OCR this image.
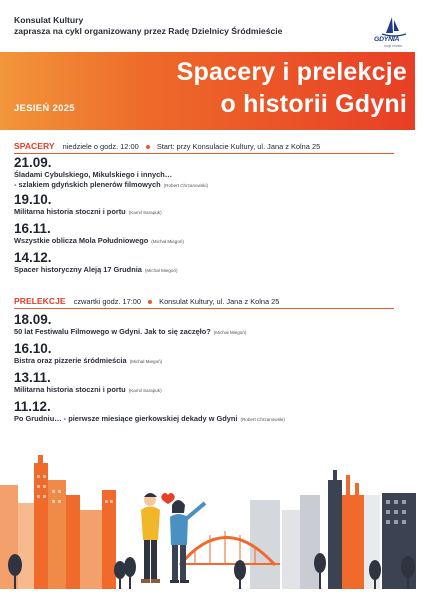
Konsulat Kultury
zaprasza na cykl organizowany przez Radę Dzielnicy Śródmieście
GDYNIA
moje miasto
Spacery i prelekcje
o historii Gdyni
JESIEŃ 2025
SPACERY niedziele o godz. 12:00 Start: przy Konsulacie Kultury, ul. Jana z Kolna 25
21.09.
Śladami Cybulskiego, Mikulskiego i innych…
- szlakiem gdyńskich plenerów filmowych (Robert Chrzanowski)
19.10.
Militarna historia stoczni i portu (Kamil Sarapuk)
16.11.
Wszystkie oblicza Mola Południowego (Michał Miegoń)
14.12.
Spacer historyczny Aleją 17 Grudnia (Michał Miegoń)
PRELEKCJE czwartki godz. 17:00 Konsulat Kultury, ul. Jana z Kolna 25
18.09.
50 lat Festiwalu Filmowego w Gdyni. Jak to się zaczęło? (Michał Miegoń)
16.10.
Bistra oraz pizzerie śródmieścia (Michał Miegoń)
13.11.
Militarna historia stoczni i portu (Kamil Sarapuk)
11.12.
Po Grudniu… - pierwsze miesiące gierkowskiej dekady w Gdyni (Robert Chrzanowski)
